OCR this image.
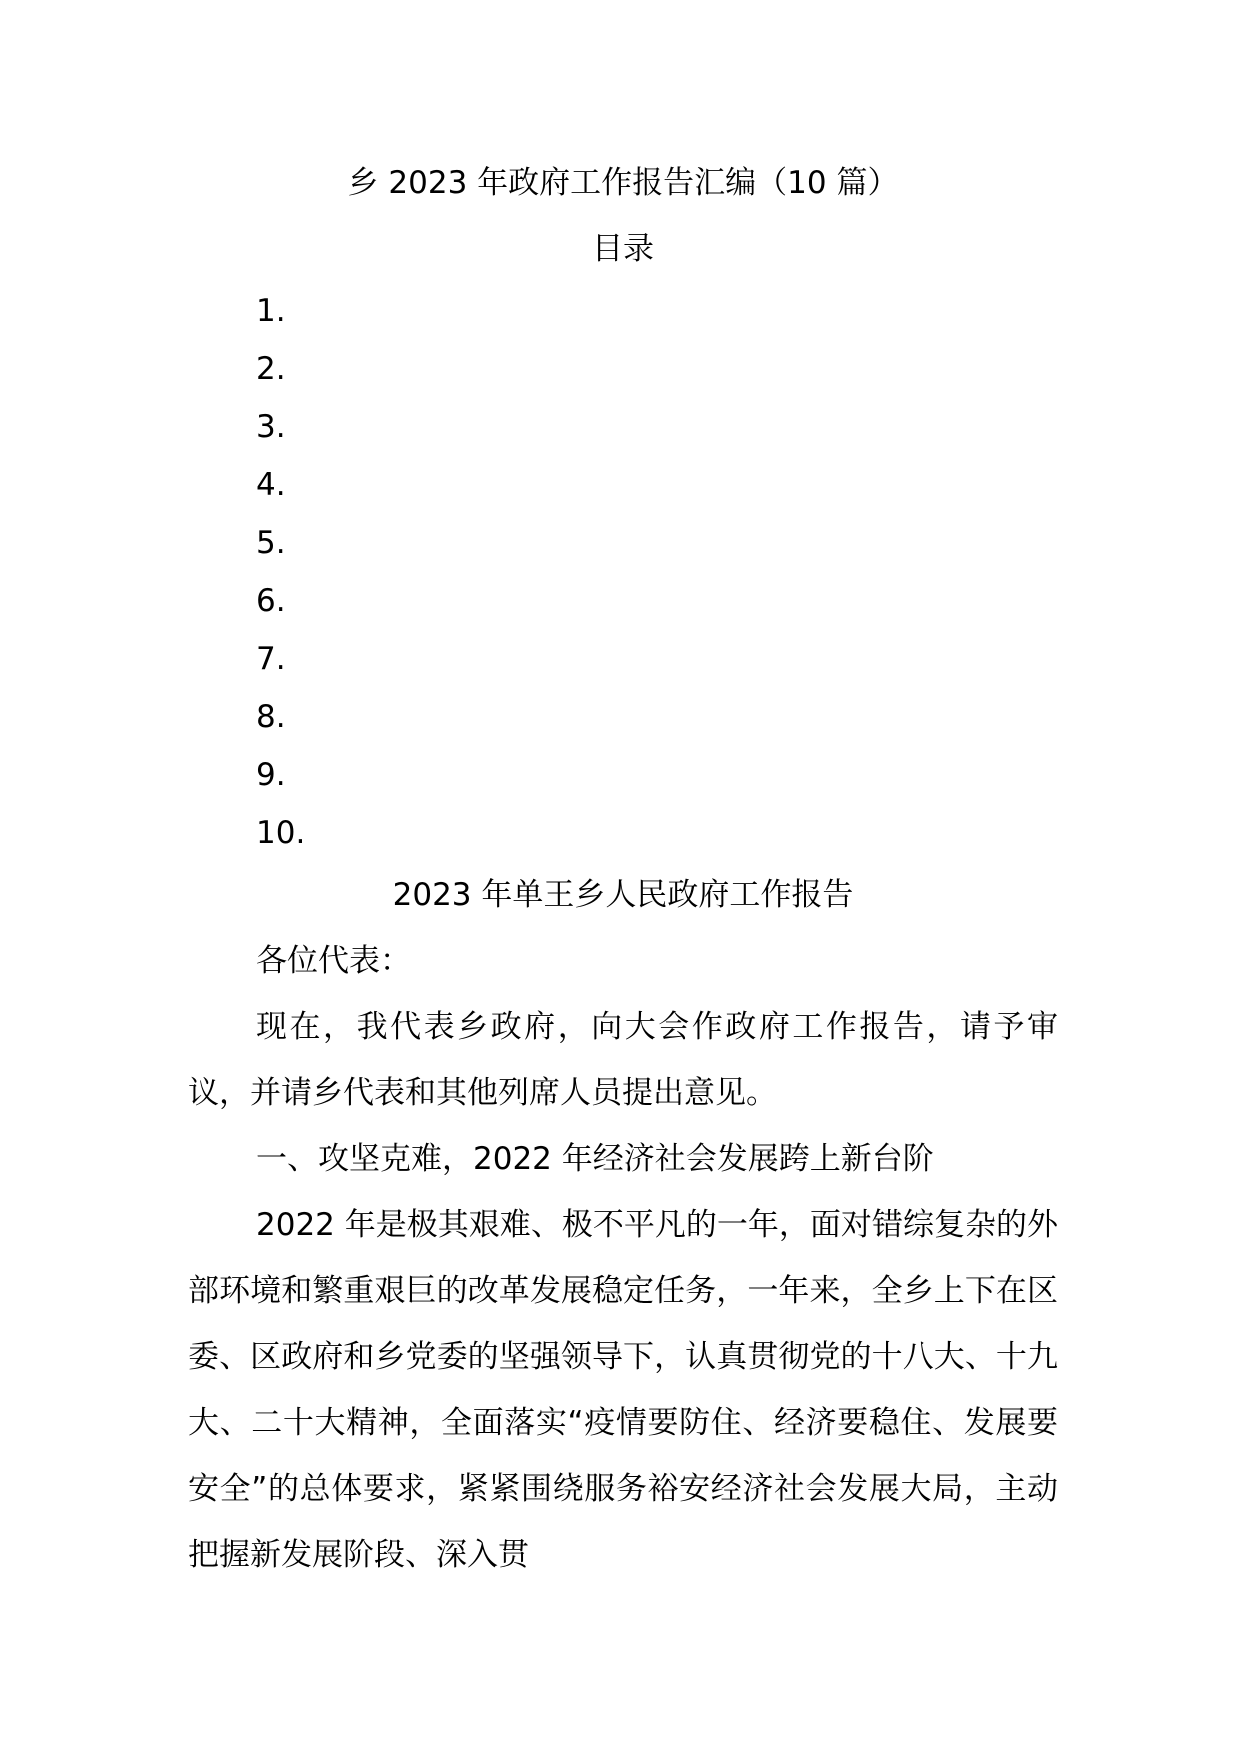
乡 2023 年政府工作报告汇编（10 篇）

目录

1.
2.
3.
4.
5.
6.
7.
8.
9.
10.

2023 年单王乡人民政府工作报告

各位代表：

现在，我代表乡政府，向大会作政府工作报告，请予审议，并请乡代表和其他列席人员提出意见。

一、攻坚克难，2022 年经济社会发展跨上新台阶

2022 年是极其艰难、极不平凡的一年，面对错综复杂的外部环境和繁重艰巨的改革发展稳定任务，一年来，全乡上下在区委、区政府和乡党委的坚强领导下，认真贯彻党的十八大、十九大、二十大精神，全面落实“疫情要防住、经济要稳住、发展要安全”的总体要求，紧紧围绕服务裕安经济社会发展大局，主动把握新发展阶段、深入贯
